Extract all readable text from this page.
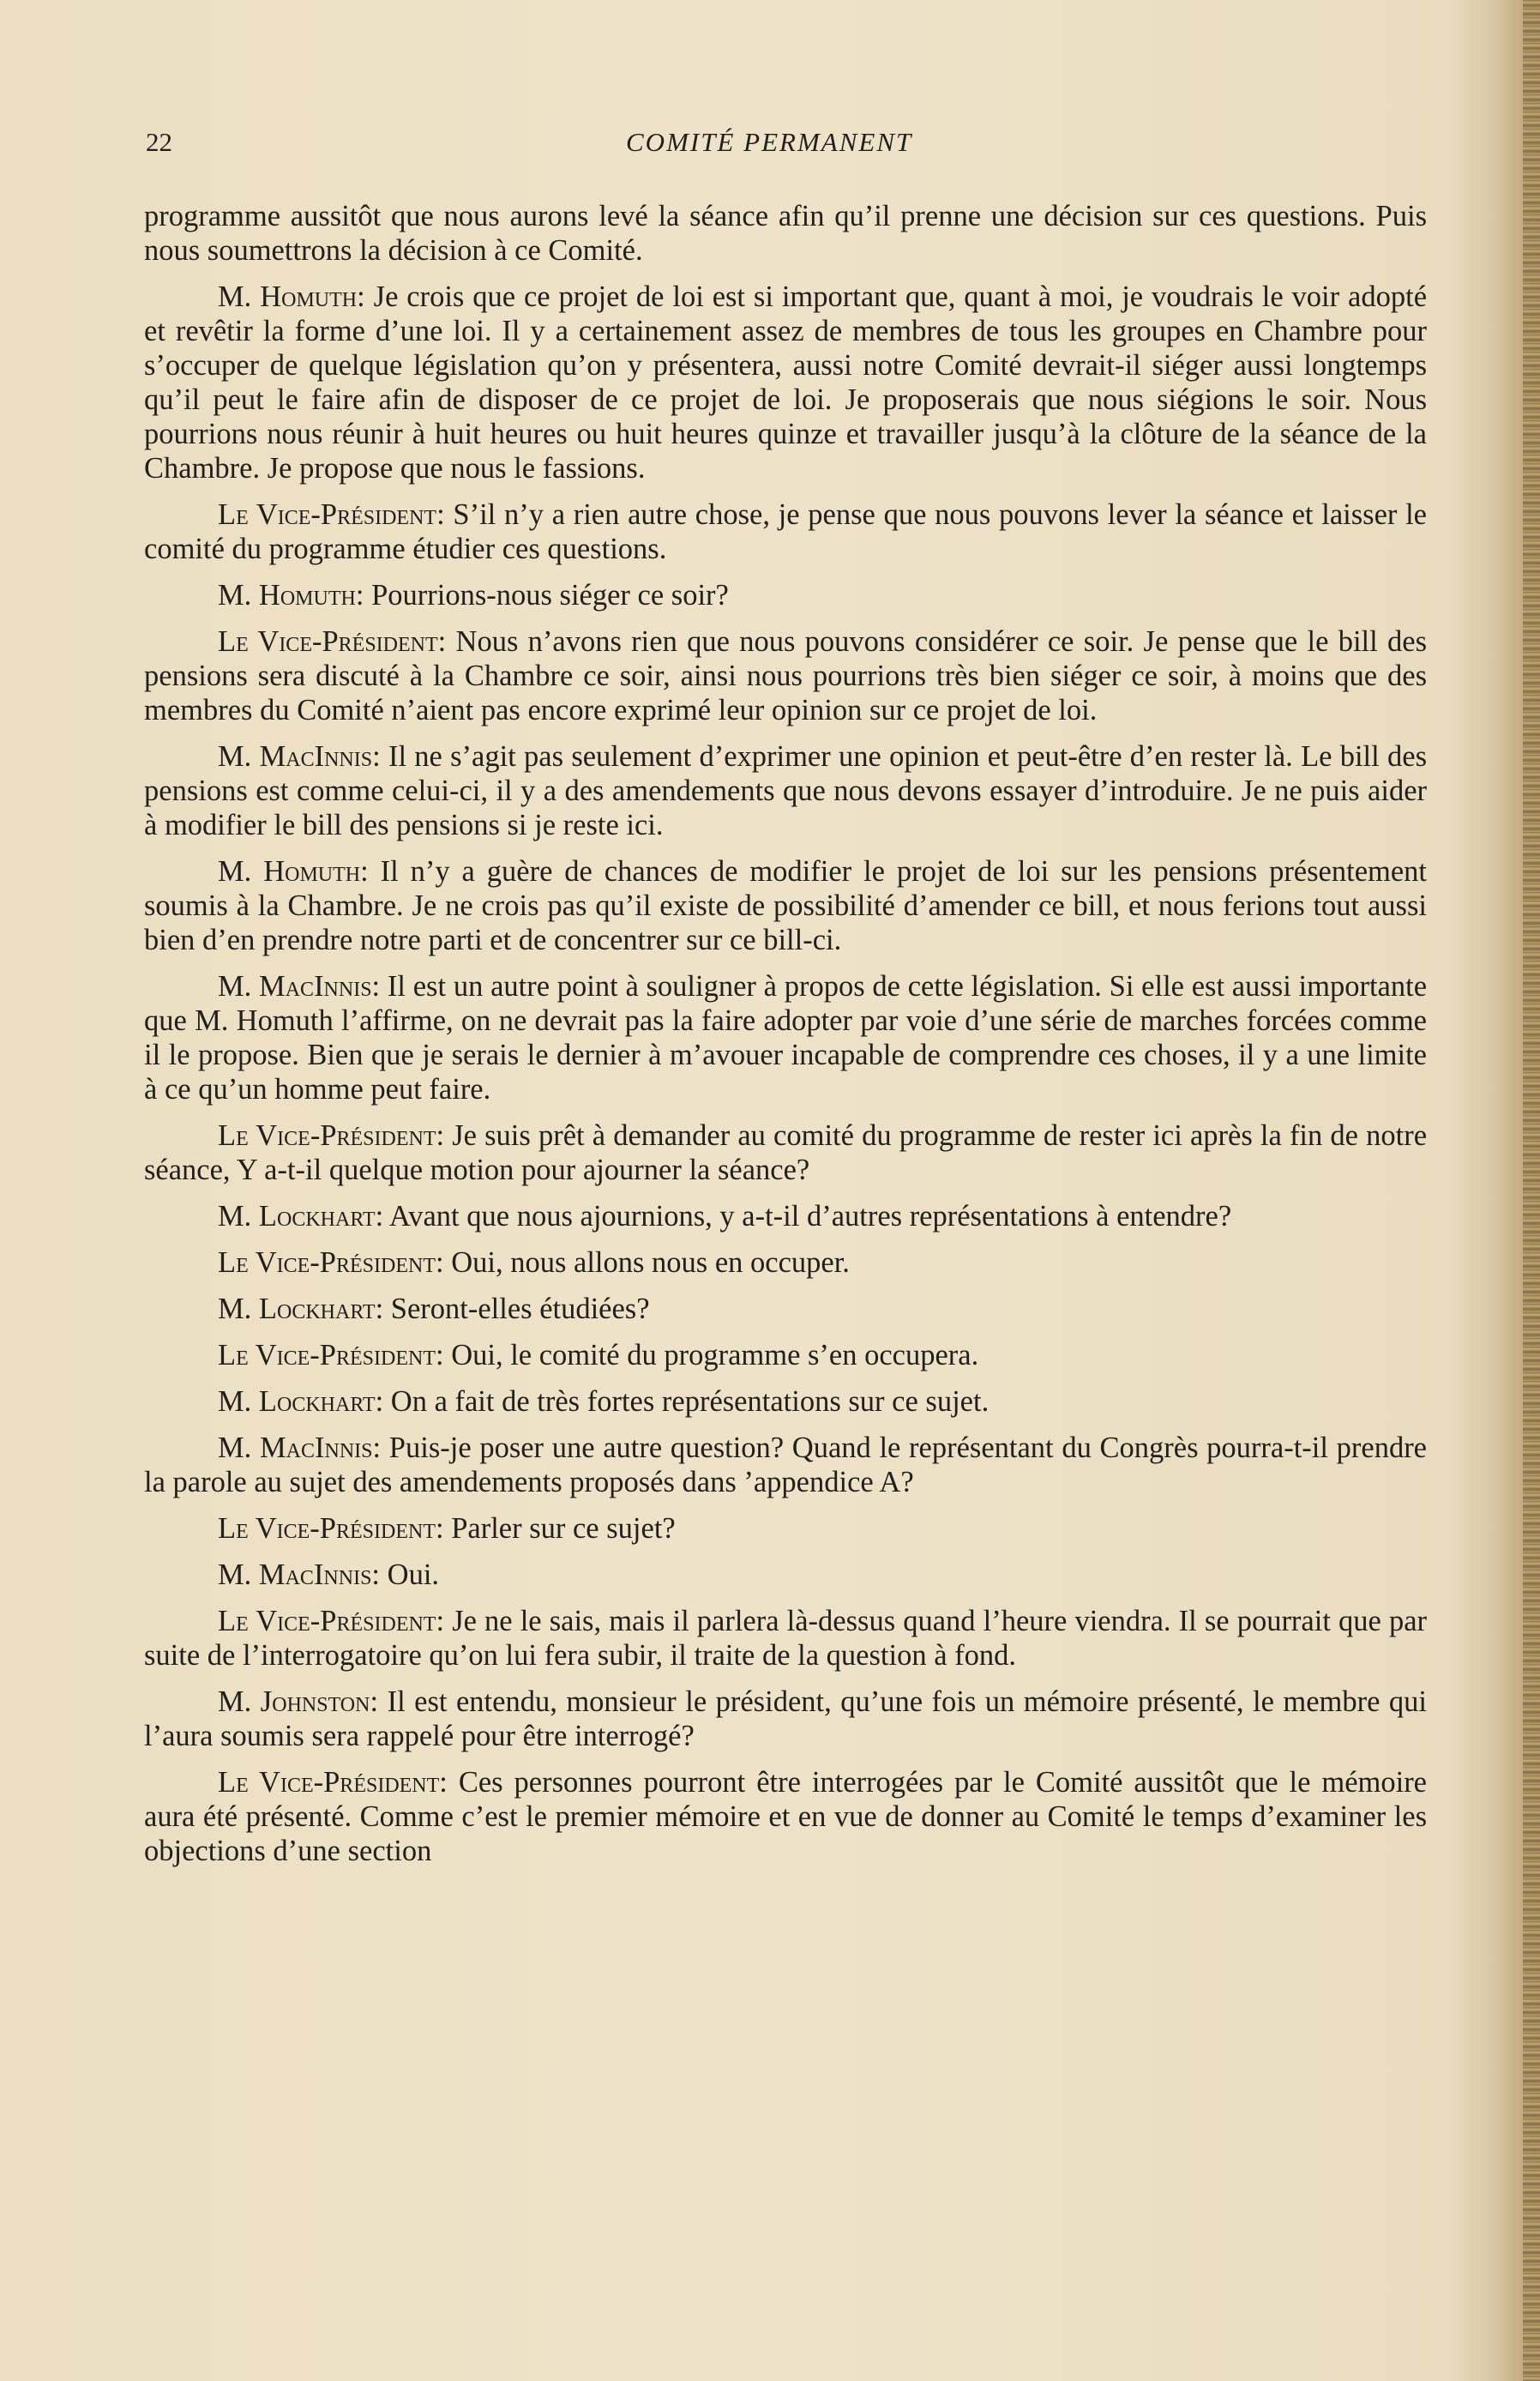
22	COMITÉ PERMANENT

programme aussitôt que nous aurons levé la séance afin qu’il prenne une décision sur ces questions. Puis nous soumettrons la décision à ce Comité.

M. Homuth: Je crois que ce projet de loi est si important que, quant à moi, je voudrais le voir adopté et revêtir la forme d’une loi. Il y a certainement assez de membres de tous les groupes en Chambre pour s’occuper de quelque législation qu’on y présentera, aussi notre Comité devrait-il siéger aussi longtemps qu’il peut le faire afin de disposer de ce projet de loi. Je proposerais que nous siégions le soir. Nous pourrions nous réunir à huit heures ou huit heures quinze et travailler jusqu’à la clôture de la séance de la Chambre. Je propose que nous le fassions.

Le Vice-Président: S’il n’y a rien autre chose, je pense que nous pouvons lever la séance et laisser le comité du programme étudier ces questions.

M. Homuth: Pourrions-nous siéger ce soir?

Le Vice-Président: Nous n’avons rien que nous pouvons considérer ce soir. Je pense que le bill des pensions sera discuté à la Chambre ce soir, ainsi nous pourrions très bien siéger ce soir, à moins que des membres du Comité n’aient pas encore exprimé leur opinion sur ce projet de loi.

M. MacInnis: Il ne s’agit pas seulement d’exprimer une opinion et peut-être d’en rester là. Le bill des pensions est comme celui-ci, il y a des amendements que nous devons essayer d’introduire. Je ne puis aider à modifier le bill des pensions si je reste ici.

M. Homuth: Il n’y a guère de chances de modifier le projet de loi sur les pensions présentement soumis à la Chambre. Je ne crois pas qu’il existe de possibilité d’amender ce bill, et nous ferions tout aussi bien d’en prendre notre parti et de concentrer sur ce bill-ci.

M. MacInnis: Il est un autre point à souligner à propos de cette législation. Si elle est aussi importante que M. Homuth l’affirme, on ne devrait pas la faire adopter par voie d’une série de marches forcées comme il le propose. Bien que je serais le dernier à m’avouer incapable de comprendre ces choses, il y a une limite à ce qu’un homme peut faire.

Le Vice-Président: Je suis prêt à demander au comité du programme de rester ici après la fin de notre séance, Y a-t-il quelque motion pour ajourner la séance?

M. Lockhart: Avant que nous ajournions, y a-t-il d’autres représentations à entendre?

Le Vice-Président: Oui, nous allons nous en occuper.

M. Lockhart: Seront-elles étudiées?

Le Vice-Président: Oui, le comité du programme s’en occupera.

M. Lockhart: On a fait de très fortes représentations sur ce sujet.

M. MacInnis: Puis-je poser une autre question? Quand le représentant du Congrès pourra-t-il prendre la parole au sujet des amendements proposés dans ’appendice A?

Le Vice-Président: Parler sur ce sujet?

M. MacInnis: Oui.

Le Vice-Président: Je ne le sais, mais il parlera là-dessus quand l’heure viendra. Il se pourrait que par suite de l’interrogatoire qu’on lui fera subir, il traite de la question à fond.

M. Johnston: Il est entendu, monsieur le président, qu’une fois un mémoire présenté, le membre qui l’aura soumis sera rappelé pour être interrogé?

Le Vice-Président: Ces personnes pourront être interrogées par le Comité aussitôt que le mémoire aura été présenté. Comme c’est le premier mémoire et en vue de donner au Comité le temps d’examiner les objections d’une section
